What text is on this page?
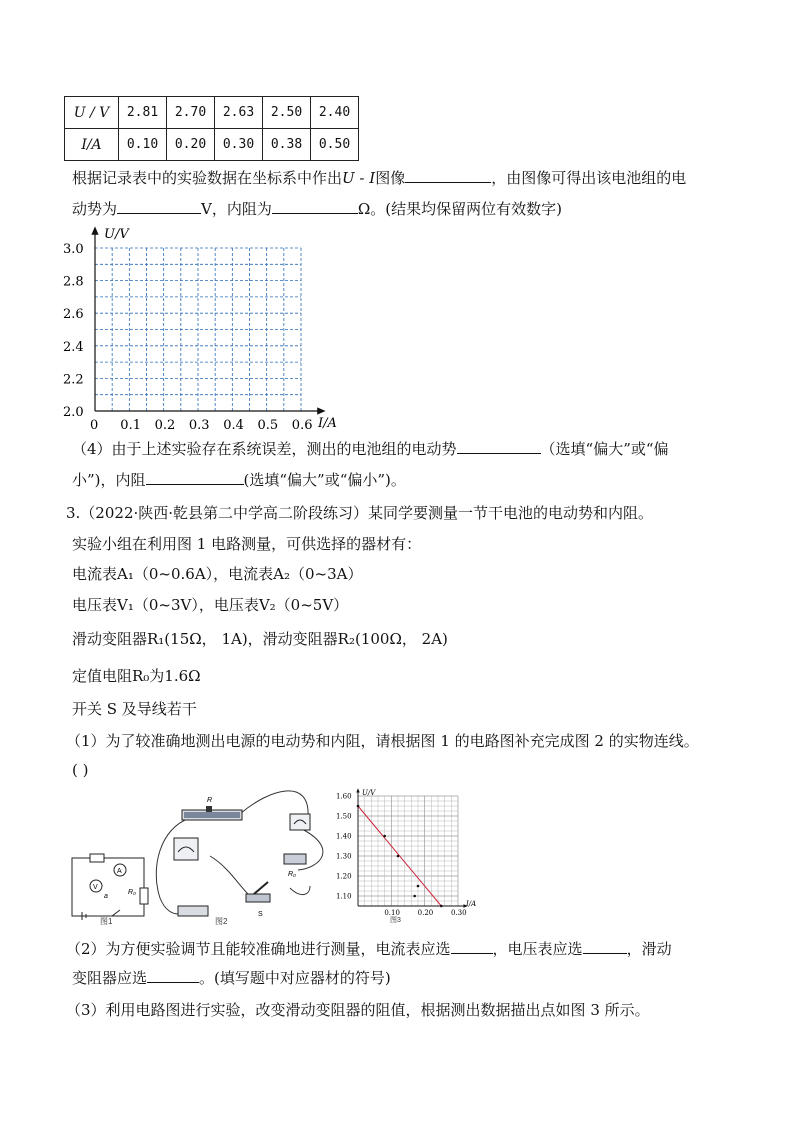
U / V	2.81	2.70	2.63	2.50	2.40
I/A	0.10	0.20	0.30	0.38	0.50
根据记录表中的实验数据在坐标系中作出U - I图像	，由图像可得出该电池组的电
动势为	V，内阻为	Ω。(结果均保留两位有效数字)
U/V
I/A
3.0
2.8
2.6
2.4
2.2
2.0
0 0.1 0.2 0.3 0.4 0.5 0.6
（4）由于上述实验存在系统误差，测出的电池组的电动势	（选填“偏大”或“偏
小”)，内阻	(选填“偏大”或“偏小”)。
3.（2022·陕西·乾县第二中学高二阶段练习）某同学要测量一节干电池的电动势和内阻。
实验小组在利用图 1 电路测量，可供选择的器材有：
电流表A₁（0~0.6A），电流表A₂（0~3A）
电压表V₁（0~3V），电压表V₂（0~5V）
滑动变阻器R₁(15Ω， 1A)，滑动变阻器R₂(100Ω， 2A)
定值电阻R₀为1.6Ω
开关 S 及导线若干
（1）为了较准确地测出电源的电动势和内阻，请根据图 1 的电路图补充完成图 2 的实物连线。
( )
A
V
a
R₀
图1
R
R₀
S
图2
U/V
I/A
1.60
1.50
1.40
1.30
1.20
1.10
0.10	0.20	0.30
图3
（2）为方便实验调节且能较准确地进行测量，电流表应选	，电压表应选	，滑动
变阻器应选	。(填写题中对应器材的符号)
（3）利用电路图进行实验，改变滑动变阻器的阻值，根据测出数据描出点如图 3 所示。
